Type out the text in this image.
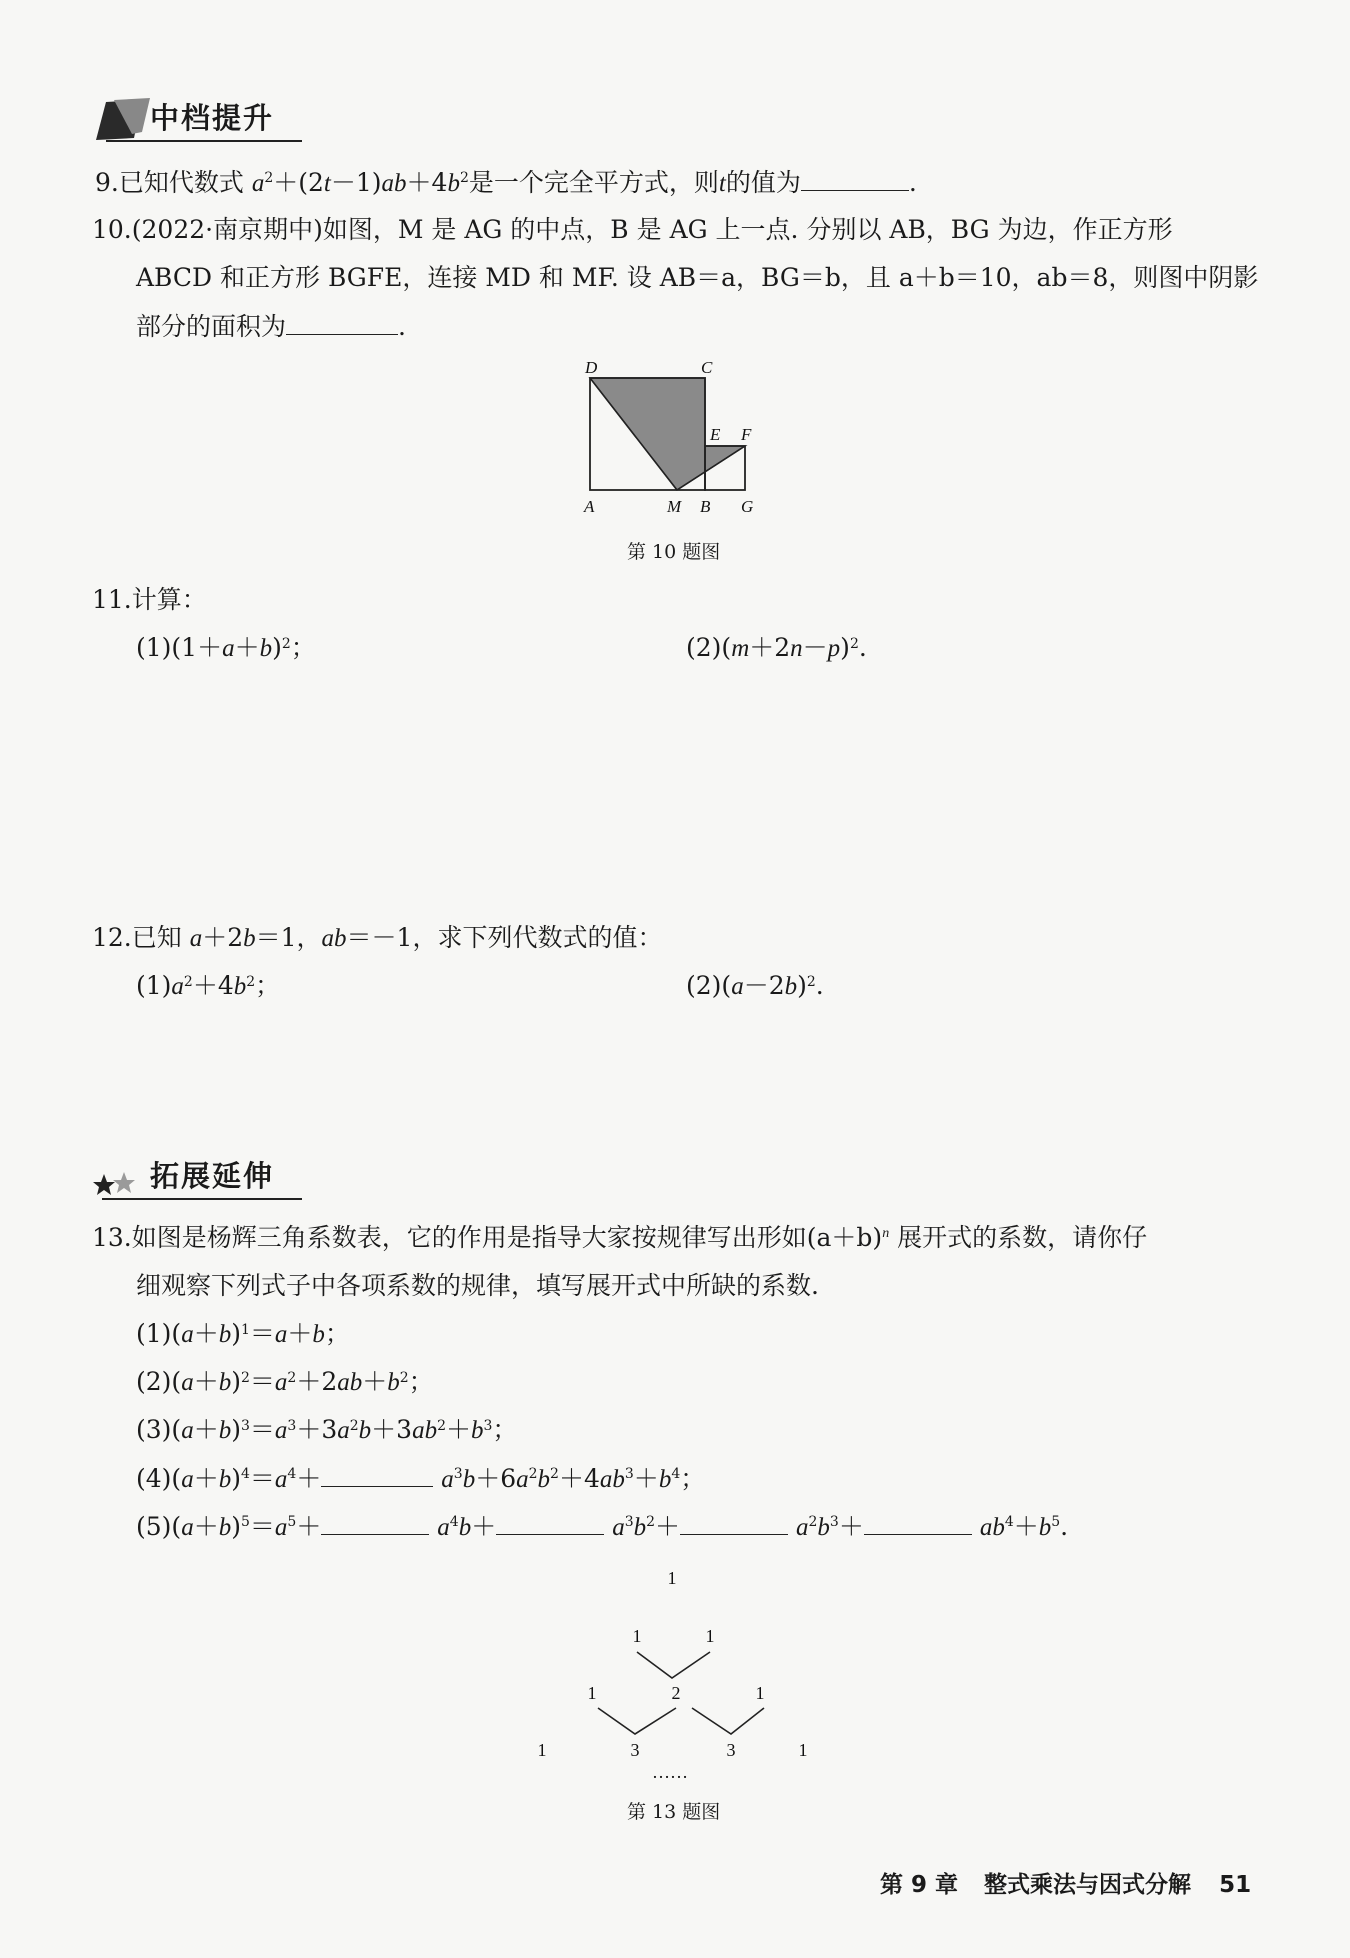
中档提升
9.已知代数式 $a^2+(2t-1)ab+4b^2$是一个完全平方式，则t的值为	.
10.(2022·南京期中)如图，M 是 AG 的中点，B 是 AG 上一点. 分别以 AB，BG 为边，作正方形
ABCD 和正方形 BGFE，连接 MD 和 MF. 设 AB＝a，BG＝b，且 a＋b＝10，ab＝8，则图中阴影
部分的面积为	.
D	C
E F
A	M B G
第 10 题图
11.计算：
$(1)(1+a+b)^2$；	$(2)(m+2n-p)^2$.
12.已知 a＋2b＝1，ab＝－1，求下列代数式的值：
$(1)a^2+4b^2$；	$(2)(a-2b)^2$.
拓展延伸
13.如图是杨辉三角系数表，它的作用是指导大家按规律写出形如$(a+b)^n$ 展开式的系数，请你仔
细观察下列式子中各项系数的规律，填写展开式中所缺的系数.
$(1)(a+b)^1=a+b$；
$(2)(a+b)^2=a^2+2ab+b^2$；
$(3)(a+b)^3=a^3+3a^2b+3ab^2+b^3$；
$(4)(a+b)^4=a^4+$	$a^3b+6a^2b^2+4ab^3+b^4$；
$(5)(a+b)^5=a^5+$	$a^4b+$	$a^3b^2+$	$a^2b^3+$	$ab^4+b^5$.
1
1	1
1	2	1
1	3	3	1
……
第 13 题图
第 9 章 整式乘法与因式分解 51
